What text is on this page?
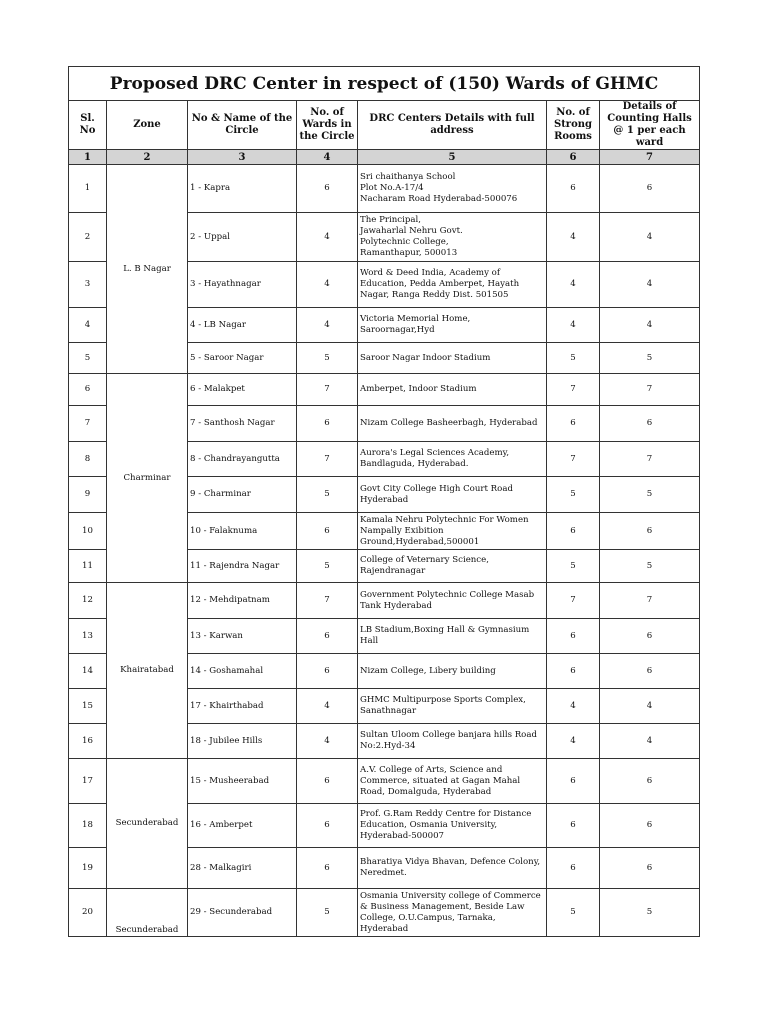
Proposed DRC Center in respect of (150) Wards of GHMC						
Sl. No	Zone	No & Name of the Circle	No. of Wards in the Circle	DRC Centers Details with full address	No. of Strong Rooms	Details of Counting Halls @ 1 per each ward
1	2	3	4	5	6	7
1	L. B Nagar	1 - Kapra	6	Sri chaithanya School
Plot No.A-17/4
Nacharam Road Hyderabad-500076	6	6
2		2 - Uppal	4	The Principal,
Jawaharlal Nehru Govt.
Polytechnic College,
Ramanthapur, 500013	4	4
3		3 - Hayathnagar	4	Word & Deed India, Academy of
Education, Pedda Amberpet, Hayath
Nagar, Ranga Reddy Dist. 501505	4	4
4		4 - LB Nagar	4	Victoria Memorial Home,
Saroornagar,Hyd	4	4
5		5 - Saroor Nagar	5	Saroor Nagar Indoor Stadium	5	5
6	Charminar	6 - Malakpet	7	Amberpet, Indoor Stadium	7	7
7		7 - Santhosh Nagar	6	Nizam College Basheerbagh, Hyderabad	6	6
8		8 - Chandrayangutta	7	Aurora's Legal Sciences Academy,
Bandlaguda, Hyderabad.	7	7
9		9 - Charminar	5	Govt City College High Court Road
Hyderabad	5	5
10		10 - Falaknuma	6	Kamala Nehru Polytechnic For Women
Nampally Exibition
Ground,Hyderabad,500001	6	6
11		11 - Rajendra Nagar	5	College of Veternary Science,
Rajendranagar	5	5
12	Khairatabad	12 - Mehdipatnam	7	Government Polytechnic College Masab
Tank Hyderabad	7	7
13		13 - Karwan	6	LB Stadium,Boxing Hall & Gymnasium
Hall	6	6
14		14 - Goshamahal	6	Nizam College, Libery building	6	6
15		17 - Khairthabad	4	GHMC Multipurpose Sports Complex,
Sanathnagar	4	4
16		18 - Jubilee Hills	4	Sultan Uloom College banjara hills Road
No:2.Hyd-34	4	4
17	Secunderabad	15 - Musheerabad	6	A.V. College of Arts, Science and
Commerce, situated at Gagan Mahal
Road, Domalguda, Hyderabad	6	6
18		16 - Amberpet	6	Prof. G.Ram Reddy Centre for Distance
Education, Osmania University,
Hyderabad-500007	6	6
19		28 - Malkagiri	6	Bharatiya Vidya Bhavan, Defence Colony,
Neredmet.	6	6
20	Secunderabad	29 - Secunderabad	5	Osmania University college of Commerce
& Business Management, Beside Law
College, O.U.Campus, Tarnaka,
Hyderabad	5	5
